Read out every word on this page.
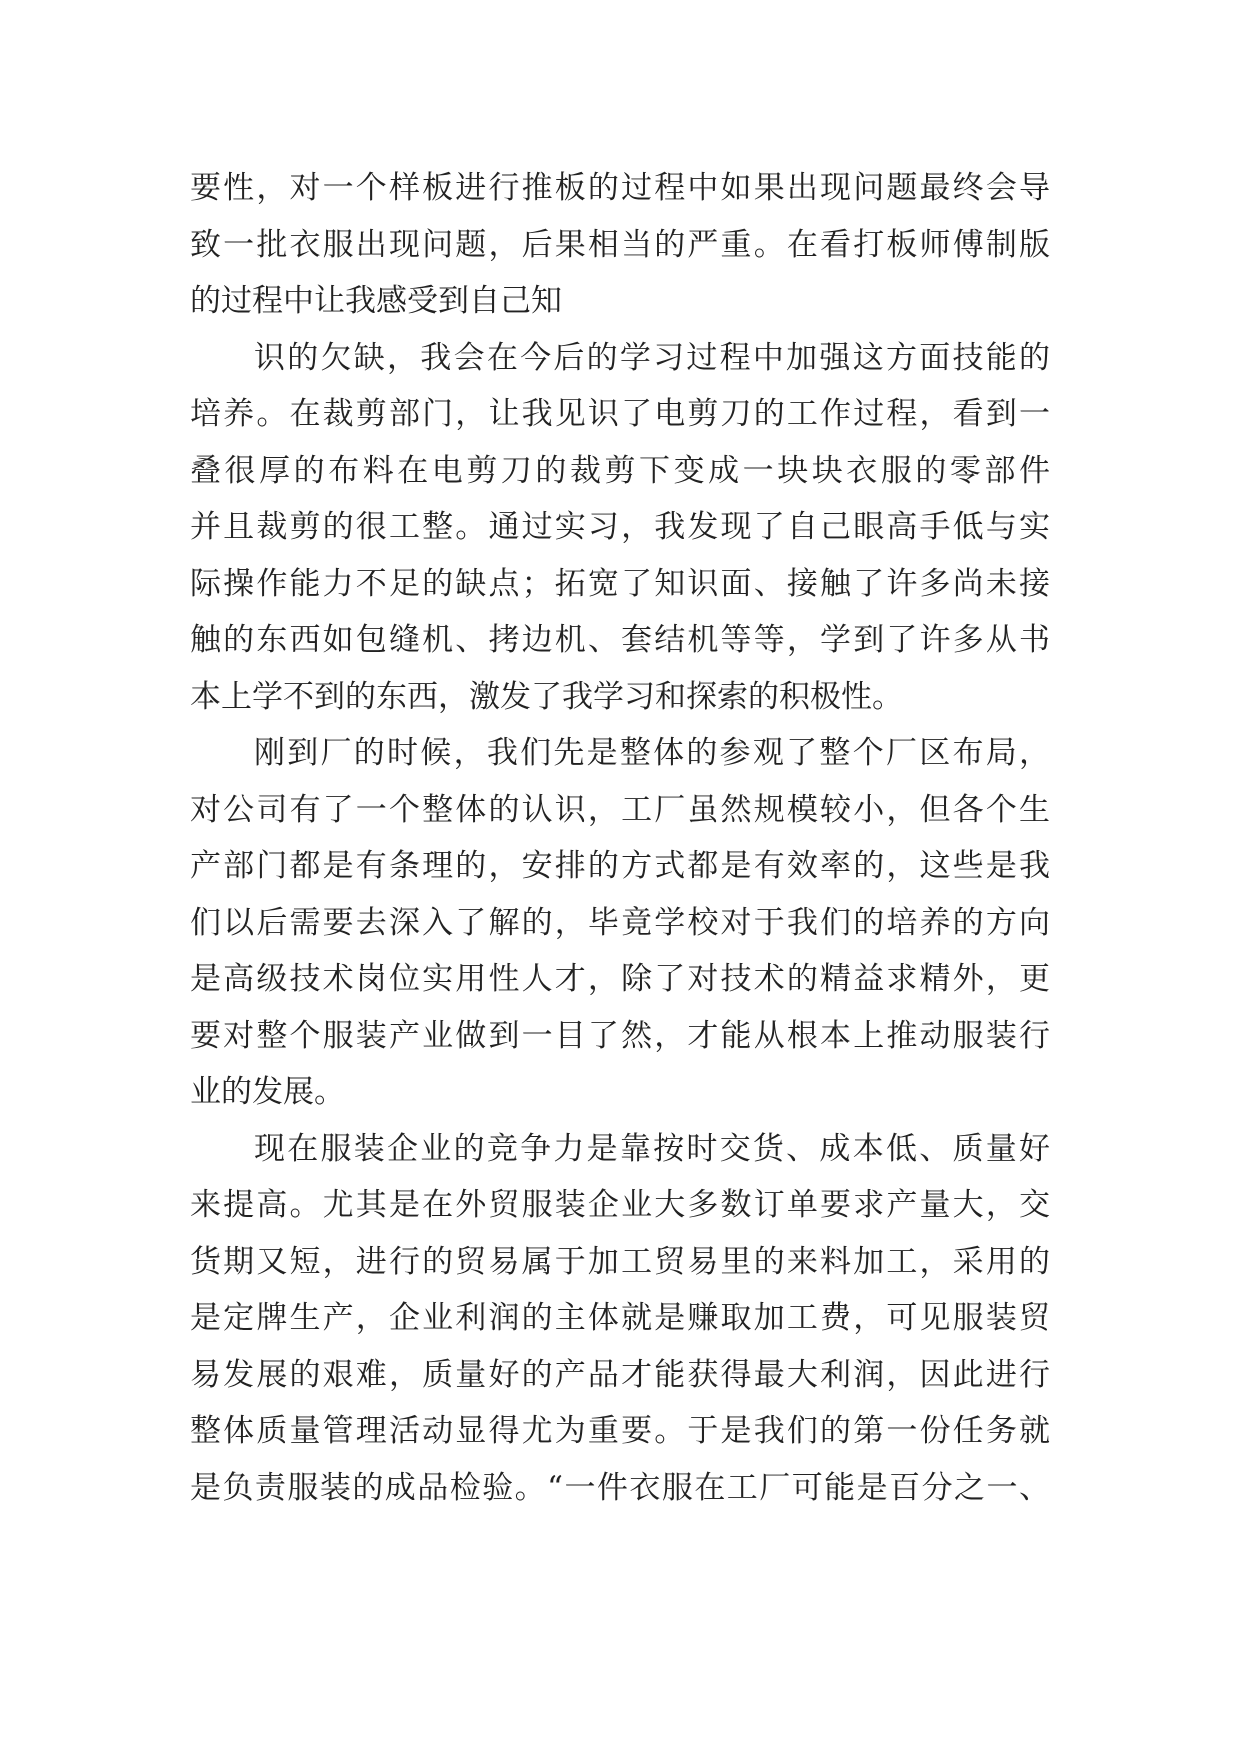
要性，对一个样板进行推板的过程中如果出现问题最终会导
致一批衣服出现问题，后果相当的严重。在看打板师傅制版
的过程中让我感受到自己知
识的欠缺，我会在今后的学习过程中加强这方面技能的
培养。在裁剪部门，让我见识了电剪刀的工作过程，看到一
叠很厚的布料在电剪刀的裁剪下变成一块块衣服的零部件
并且裁剪的很工整。通过实习，我发现了自己眼高手低与实
际操作能力不足的缺点；拓宽了知识面、接触了许多尚未接
触的东西如包缝机、拷边机、套结机等等，学到了许多从书
本上学不到的东西，激发了我学习和探索的积极性。
刚到厂的时候，我们先是整体的参观了整个厂区布局，
对公司有了一个整体的认识，工厂虽然规模较小，但各个生
产部门都是有条理的，安排的方式都是有效率的，这些是我
们以后需要去深入了解的，毕竟学校对于我们的培养的方向
是高级技术岗位实用性人才，除了对技术的精益求精外，更
要对整个服装产业做到一目了然，才能从根本上推动服装行
业的发展。
现在服装企业的竞争力是靠按时交货、成本低、质量好
来提高。尤其是在外贸服装企业大多数订单要求产量大，交
货期又短，进行的贸易属于加工贸易里的来料加工，采用的
是定牌生产，企业利润的主体就是赚取加工费，可见服装贸
易发展的艰难，质量好的产品才能获得最大利润，因此进行
整体质量管理活动显得尤为重要。于是我们的第一份任务就
是负责服装的成品检验。“一件衣服在工厂可能是百分之一、
